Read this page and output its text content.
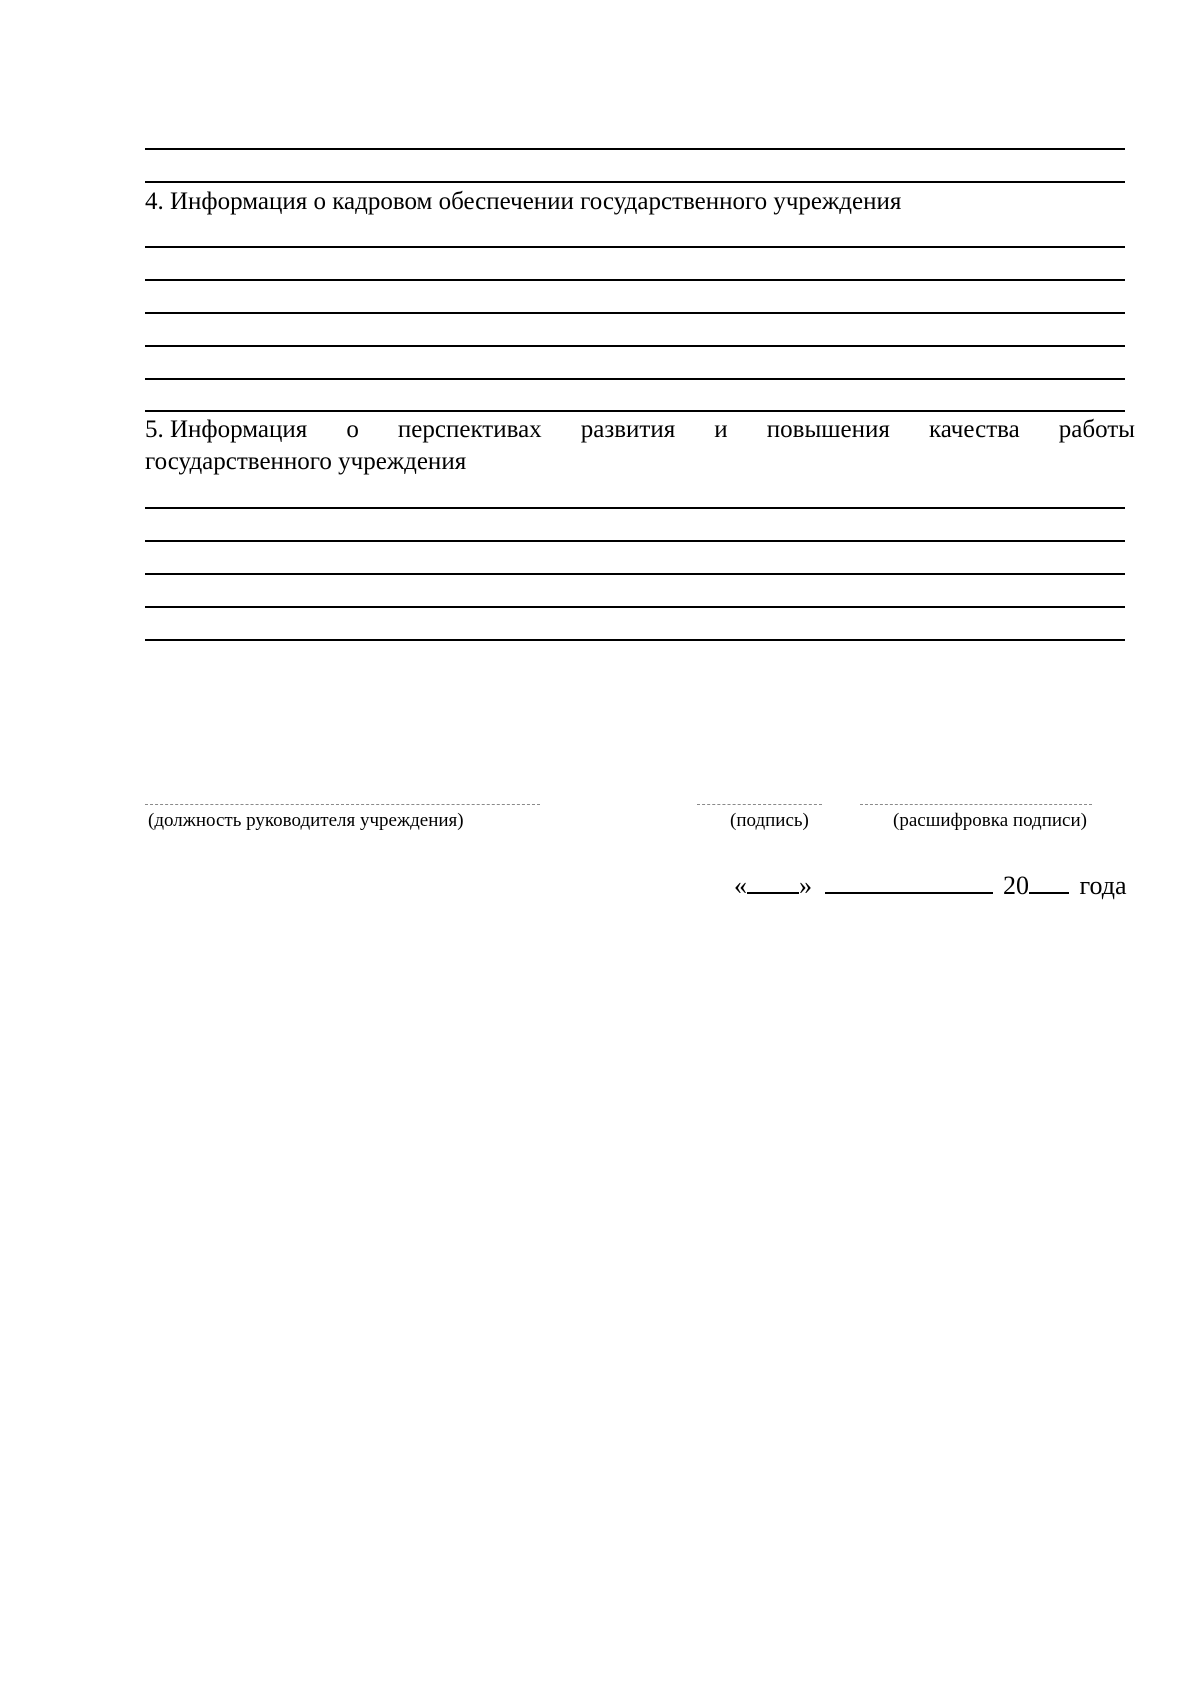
4. Информация о кадровом обеспечении государственного учреждения
5. Информация о перспективах развития и повышения качества работы
государственного учреждения
(должность руководителя учреждения)	(подпись)	(расшифровка подписи)
« »	20 года
